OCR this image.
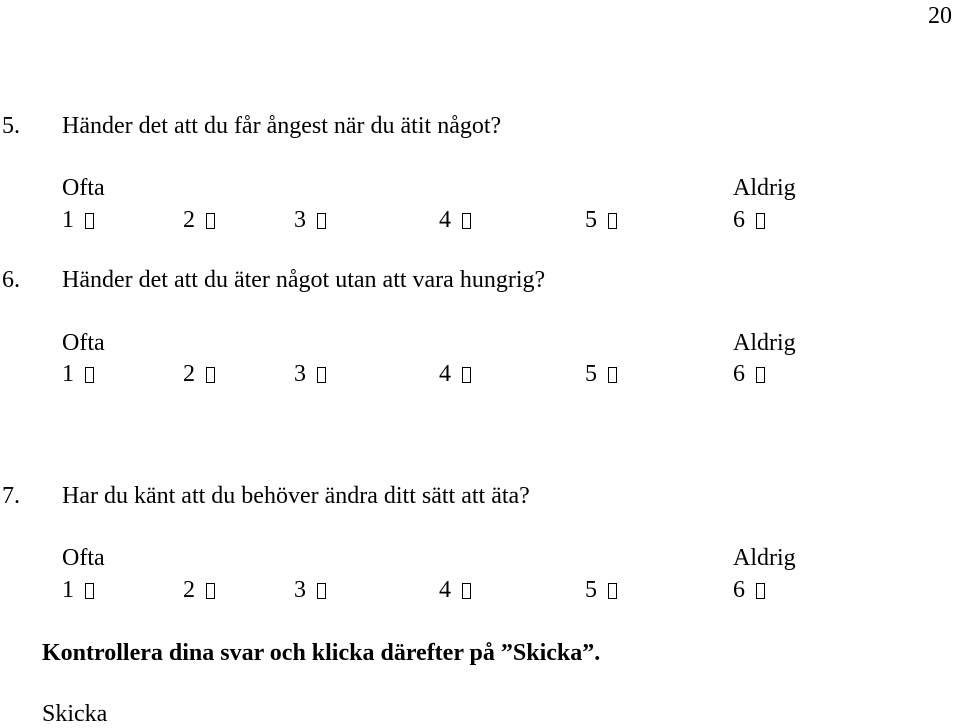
20
5. Händer det att du får ångest när du ätit något?
Ofta	Aldrig
1	2	3	4	5	6
6. Händer det att du äter något utan att vara hungrig?
Ofta	Aldrig
1	2	3	4	5	6
7. Har du känt att du behöver ändra ditt sätt att äta?
Ofta	Aldrig
1	2	3	4	5	6
Kontrollera dina svar och klicka därefter på ”Skicka”.
Skicka
